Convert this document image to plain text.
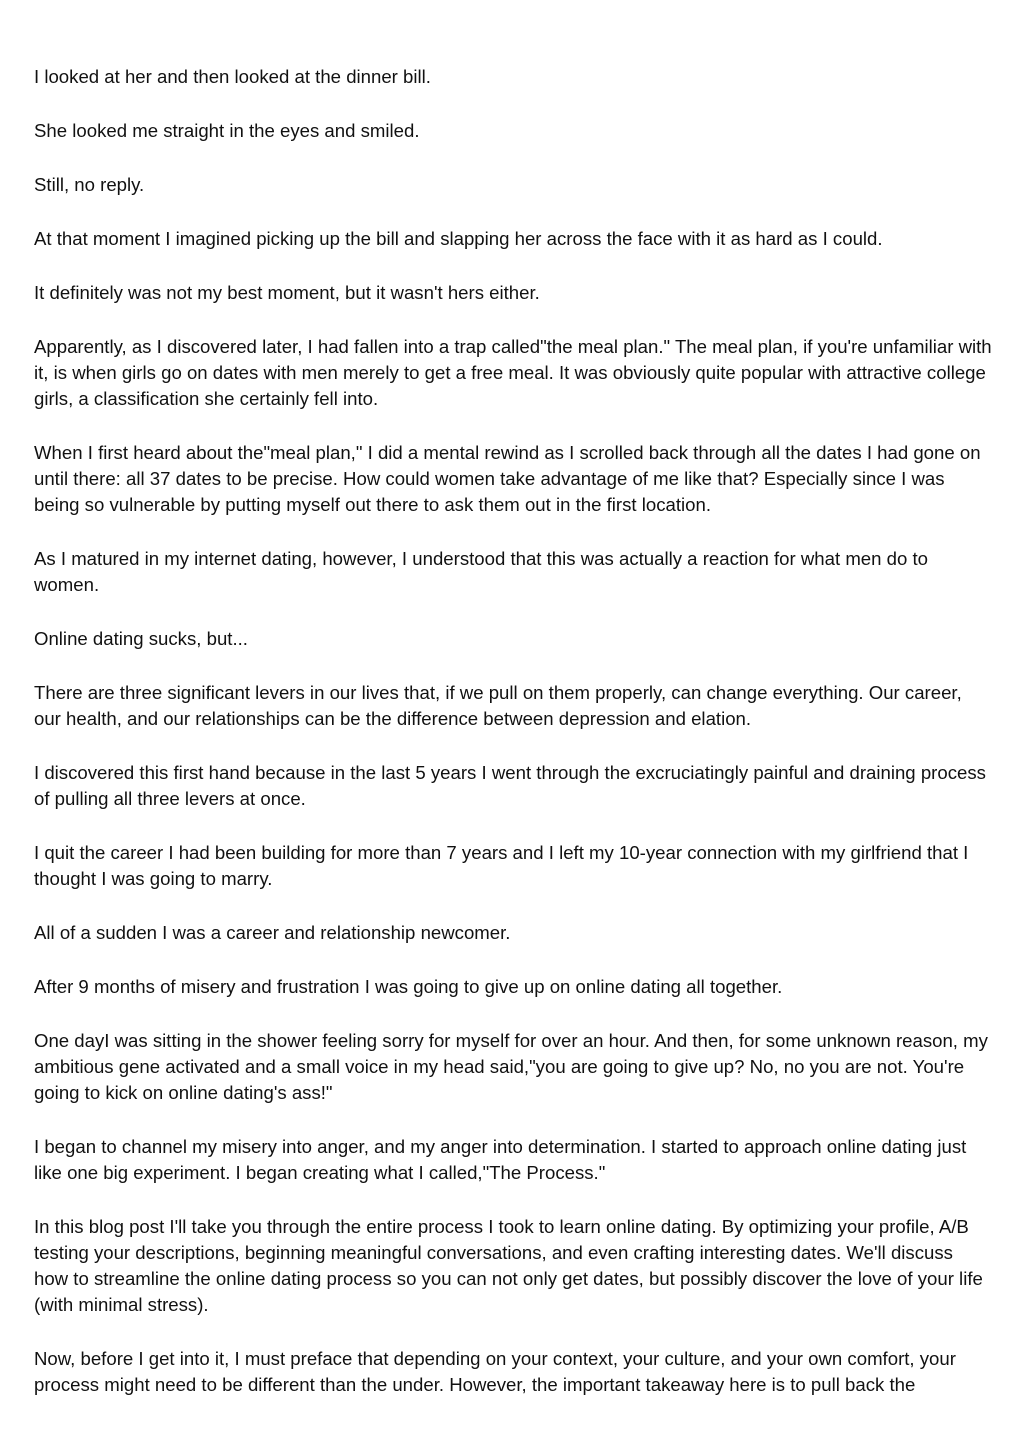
I looked at her and then looked at the dinner bill.

She looked me straight in the eyes and smiled.

Still, no reply.

At that moment I imagined picking up the bill and slapping her across the face with it as hard as I could.

It definitely was not my best moment, but it wasn't hers either.

Apparently, as I discovered later, I had fallen into a trap called"the meal plan." The meal plan, if you're unfamiliar with it, is when girls go on dates with men merely to get a free meal. It was obviously quite popular with attractive college girls, a classification she certainly fell into.

When I first heard about the"meal plan," I did a mental rewind as I scrolled back through all the dates I had gone on until there: all 37 dates to be precise. How could women take advantage of me like that? Especially since I was being so vulnerable by putting myself out there to ask them out in the first location.

As I matured in my internet dating, however, I understood that this was actually a reaction for what men do to women.

Online dating sucks, but...

There are three significant levers in our lives that, if we pull on them properly, can change everything. Our career, our health, and our relationships can be the difference between depression and elation.

I discovered this first hand because in the last 5 years I went through the excruciatingly painful and draining process of pulling all three levers at once.

I quit the career I had been building for more than 7 years and I left my 10-year connection with my girlfriend that I thought I was going to marry.

All of a sudden I was a career and relationship newcomer.

After 9 months of misery and frustration I was going to give up on online dating all together.

One dayI was sitting in the shower feeling sorry for myself for over an hour. And then, for some unknown reason, my ambitious gene activated and a small voice in my head said,"you are going to give up? No, no you are not. You're going to kick on online dating's ass!"

I began to channel my misery into anger, and my anger into determination. I started to approach online dating just like one big experiment. I began creating what I called,"The Process."

In this blog post I'll take you through the entire process I took to learn online dating. By optimizing your profile, A/B testing your descriptions, beginning meaningful conversations, and even crafting interesting dates. We'll discuss how to streamline the online dating process so you can not only get dates, but possibly discover the love of your life (with minimal stress).

Now, before I get into it, I must preface that depending on your context, your culture, and your own comfort, your process might need to be different than the under. However, the important takeaway here is to pull back the
